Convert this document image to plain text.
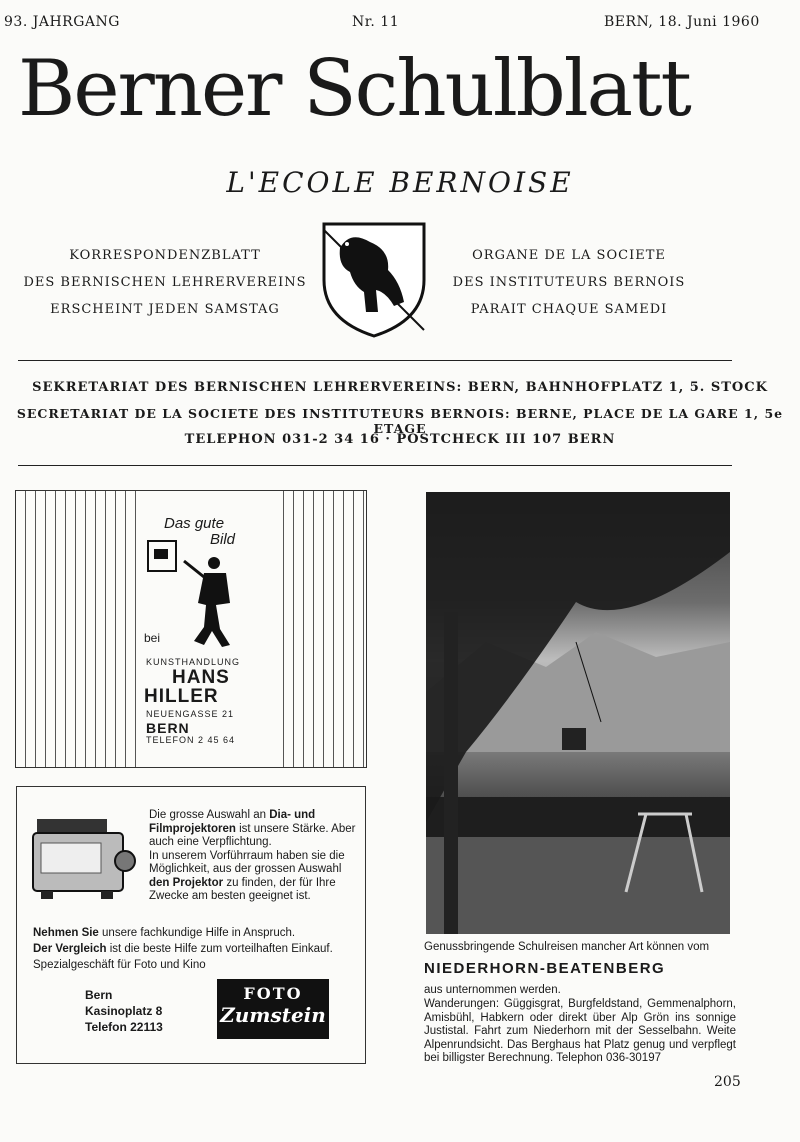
93. JAHRGANG	Nr. 11	BERN, 18. Juni 1960
Berner Schulblatt
L'ECOLE BERNOISE
KORRESPONDENZBLATT
DES BERNISCHEN LEHRERVEREINS
ERSCHEINT JEDEN SAMSTAG
ORGANE DE LA SOCIETE
DES INSTITUTEURS BERNOIS
PARAIT CHAQUE SAMEDI
SEKRETARIAT DES BERNISCHEN LEHRERVEREINS: BERN, BAHNHOFPLATZ 1, 5. STOCK
SECRETARIAT DE LA SOCIETE DES INSTITUTEURS BERNOIS: BERNE, PLACE DE LA GARE 1, 5e ETAGE
TELEPHON 031-2 34 16 · POSTCHECK III 107 BERN
Das gute
Bild
bei
KUNSTHANDLUNG
HANS
HILLER
NEUENGASSE 21
BERN
TELEFON 2 45 64
Die grosse Auswahl an Dia- und Filmprojektoren ist unsere Stärke. Aber auch eine Verpflichtung.
In unserem Vorführraum haben sie die Möglichkeit, aus der grossen Auswahl den Projektor zu finden, der für Ihre Zwecke am besten geeignet ist.
Nehmen Sie unsere fachkundige Hilfe in Anspruch.
Der Vergleich ist die beste Hilfe zum vorteilhaften Einkauf.
Spezialgeschäft für Foto und Kino
Bern
Kasinoplatz 8
Telefon 22113
FOTO
Zumstein
Genussbringende Schulreisen mancher Art können vom
NIEDERHORN-BEATENBERG
aus unternommen werden.
Wanderungen: Güggisgrat, Burgfeldstand, Gemmenalphorn, Amisbühl, Habkern oder direkt über Alp Grön ins sonnige Justistal. Fahrt zum Niederhorn mit der Sesselbahn. Weite Alpenrundsicht. Das Berghaus hat Platz genug und verpflegt bei billigster Berechnung. Telephon 036-30197
205
